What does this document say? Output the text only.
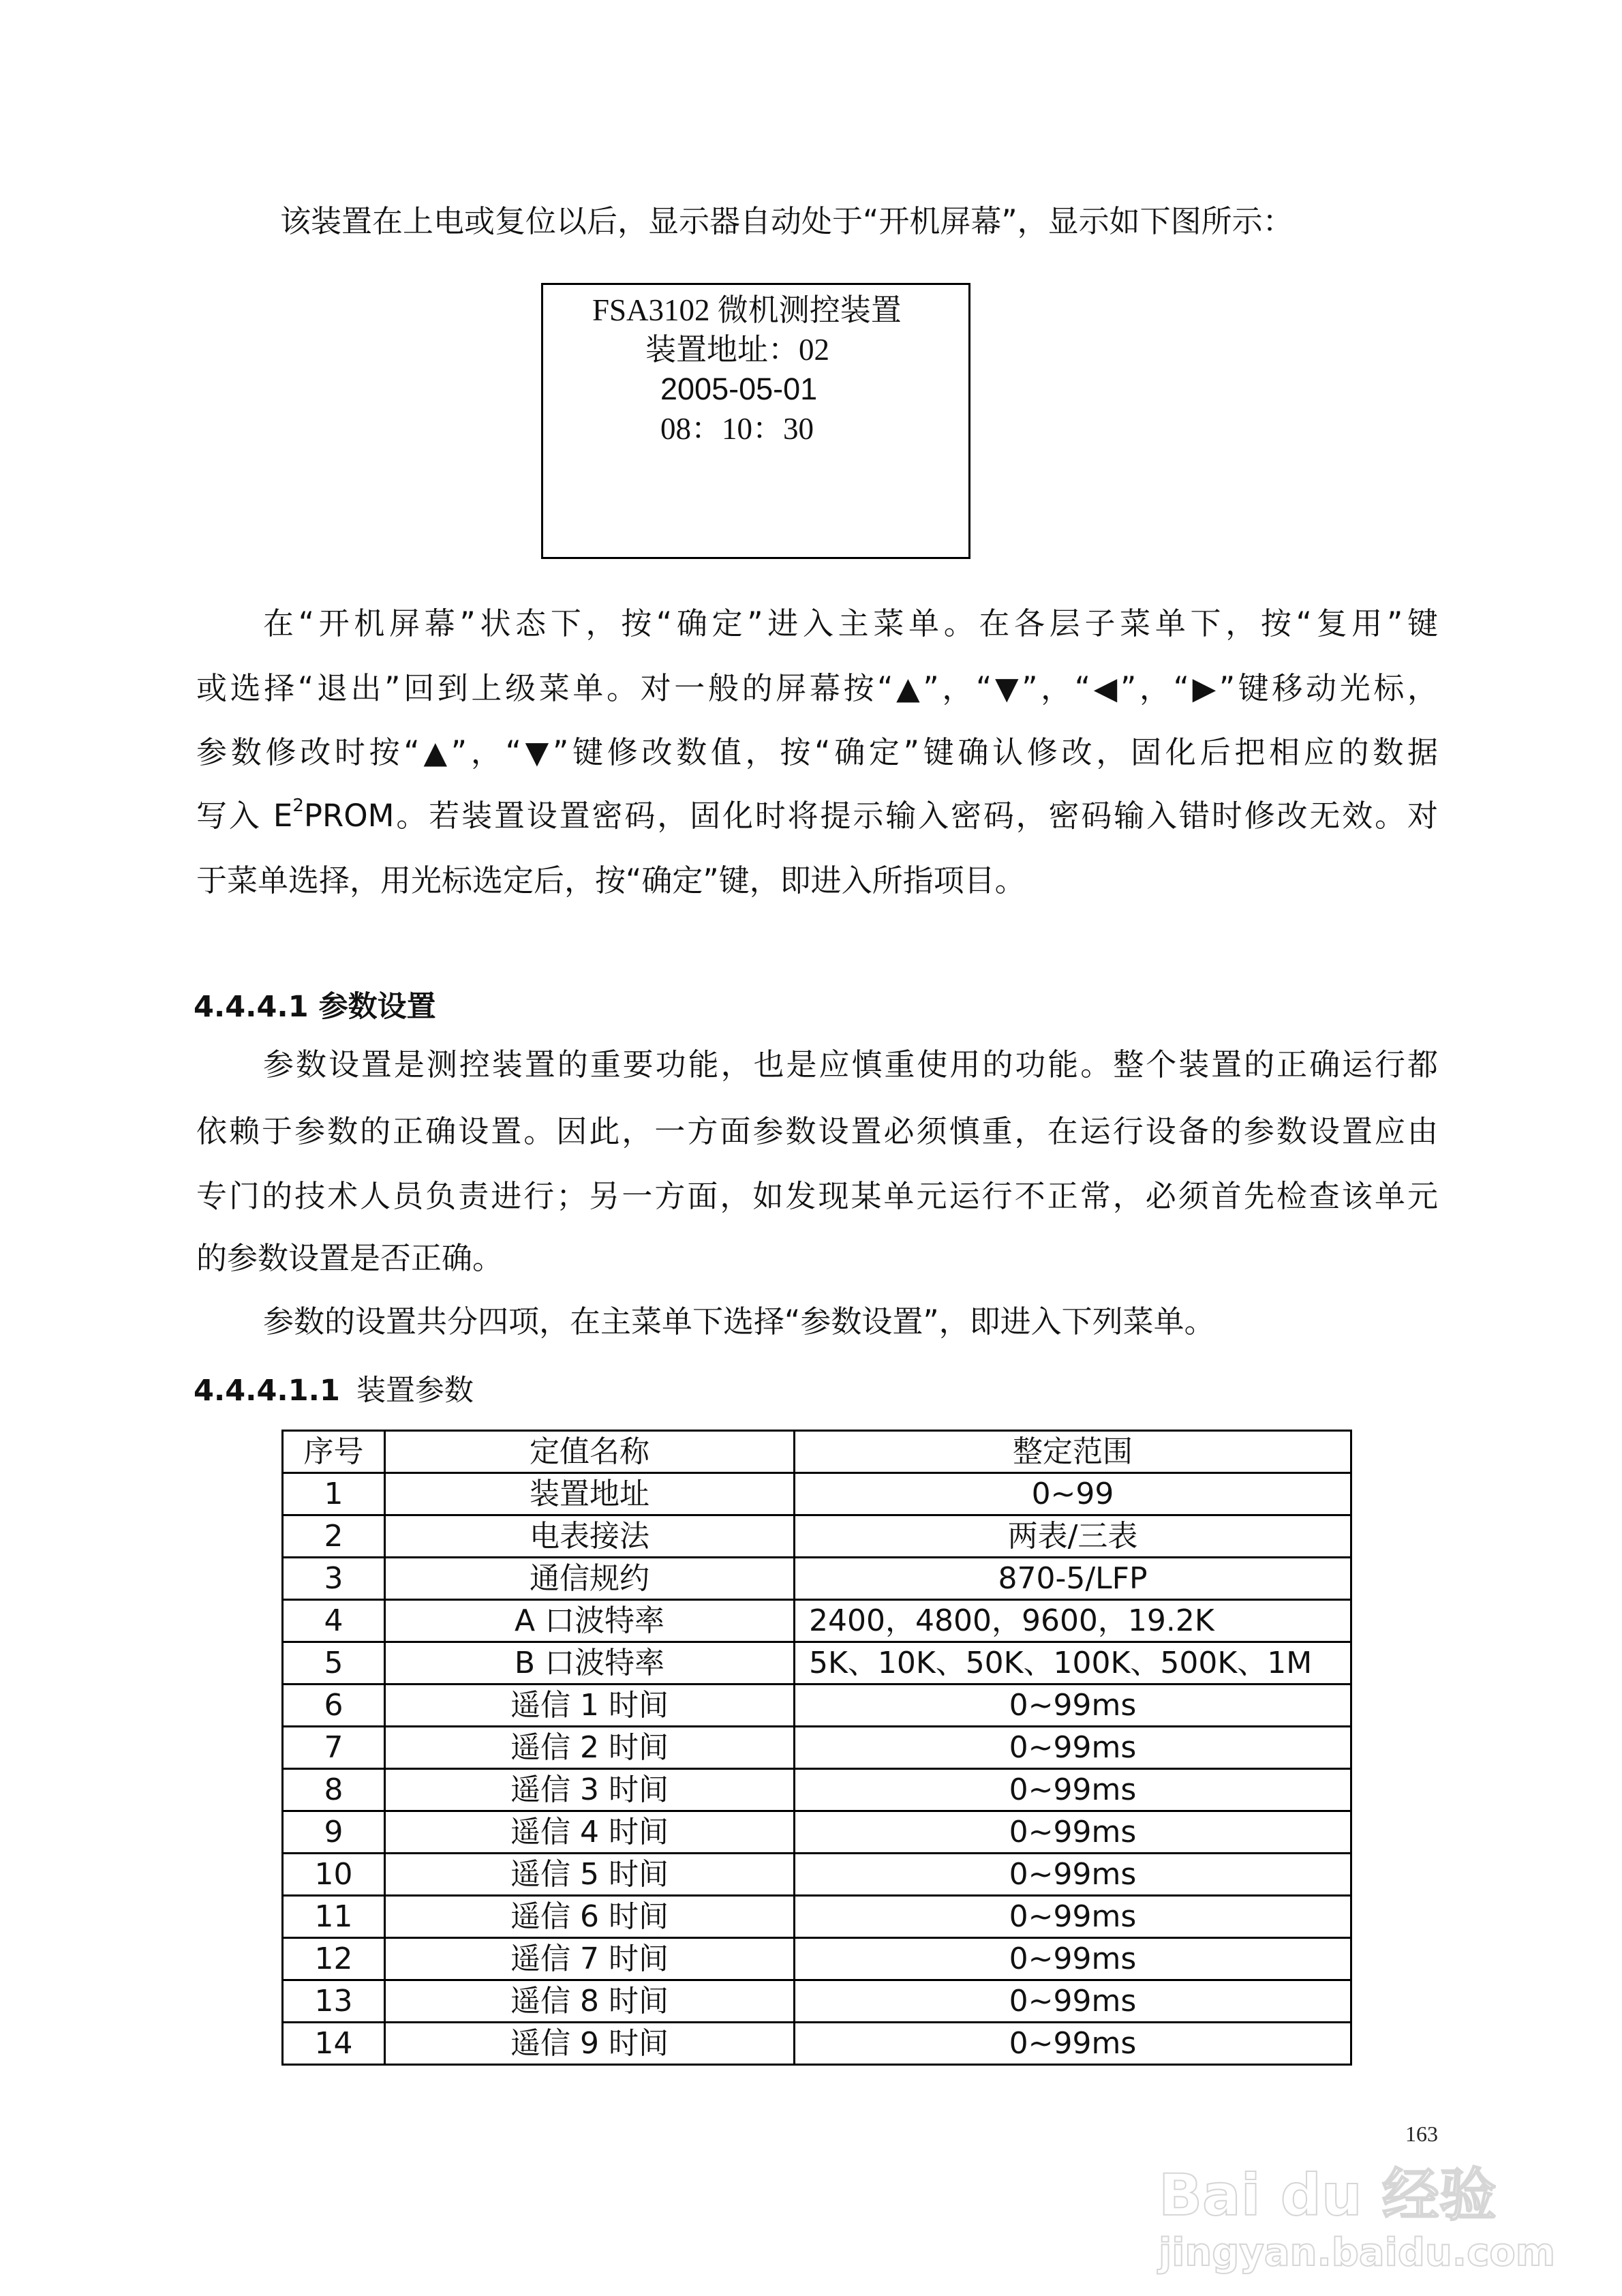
该装置在上电或复位以后，显示器自动处于“开机屏幕”，显示如下图所示：
FSA3102 微机测控装置
装置地址：02
2005-05-01
08：10：30
在“开机屏幕”状态下，按“确定”进入主菜单。在各层子菜单下，按“复用”键
或选择“退出”回到上级菜单。对一般的屏幕按“▲”，“▼”，“◀”，“▶”键移动光标，
参数修改时按“▲”，“▼”键修改数值，按“确定”键确认修改，固化后把相应的数据
写入 $E^2PROM$。若装置设置密码，固化时将提示输入密码，密码输入错时修改无效。对
于菜单选择，用光标选定后，按“确定”键，即进入所指项目。
4.4.4.1 参数设置
参数设置是测控装置的重要功能，也是应慎重使用的功能。整个装置的正确运行都
依赖于参数的正确设置。因此，一方面参数设置必须慎重，在运行设备的参数设置应由
专门的技术人员负责进行；另一方面，如发现某单元运行不正常，必须首先检查该单元
的参数设置是否正确。
参数的设置共分四项，在主菜单下选择“参数设置”，即进入下列菜单。
4.4.4.1.1 装置参数
序号	定值名称	整定范围
1	装置地址	0~99
2	电表接法	两表/三表
3	通信规约	870-5/LFP
4	A 口波特率	2400，4800，9600，19.2K
5	B 口波特率	5K、10K、50K、100K、500K、1M
6	遥信 1 时间	0~99ms
7	遥信 2 时间	0~99ms
8	遥信 3 时间	0~99ms
9	遥信 4 时间	0~99ms
10	遥信 5 时间	0~99ms
11	遥信 6 时间	0~99ms
12	遥信 7 时间	0~99ms
13	遥信 8 时间	0~99ms
14	遥信 9 时间	0~99ms
163
Bai du 经验
jingyan.baidu.com
